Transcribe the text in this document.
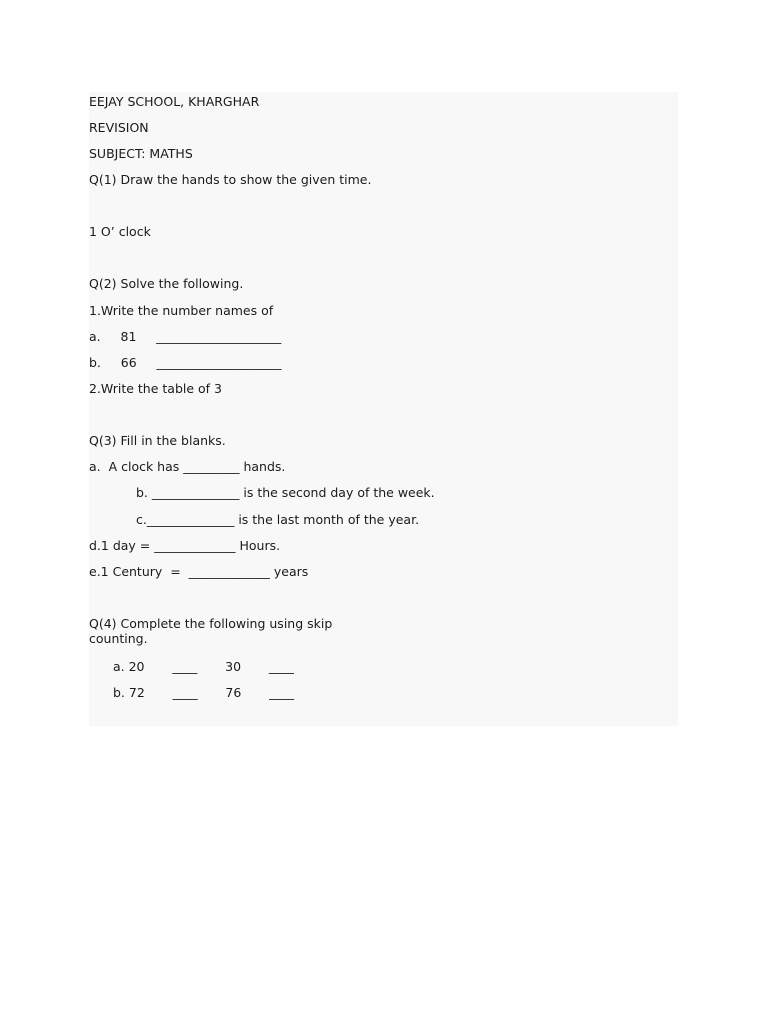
EEJAY SCHOOL, KHARGHAR

REVISION

SUBJECT: MATHS

Q(1) Draw the hands to show the given time.

1 O’ clock

Q(2) Solve the following.

1.Write the number names of

a.     81     ____________________

b.     66     ____________________

2.Write the table of 3

Q(3) Fill in the blanks.

a.  A clock has _________ hands.

b. ______________ is the second day of the week.

c.______________ is the last month of the year.

d.1 day = _____________ Hours.

e.1 Century  =  _____________ years

Q(4) Complete the following using skip counting.

a. 20       ____       30       ____

b. 72       ____       76       ____
